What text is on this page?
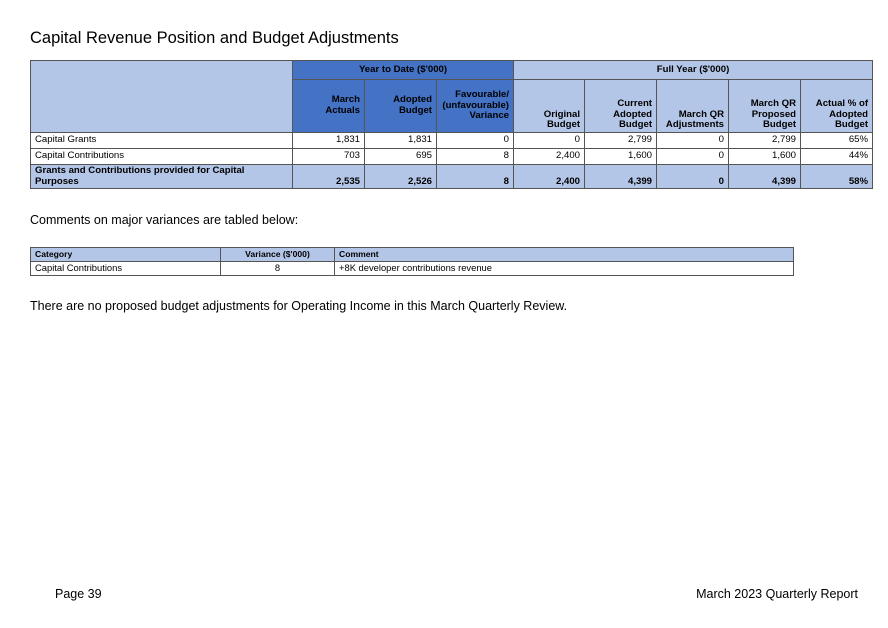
Capital Revenue Position and Budget Adjustments
	Year to Date ($'000)			Full Year ($'000)				
	March Actuals	Adopted Budget	Favourable/ (unfavourable) Variance	Original Budget	Current Adopted Budget	March QR Adjustments	March QR Proposed Budget	Actual % of Adopted Budget
Capital Grants	1,831	1,831	0	0	2,799	0	2,799	65%
Capital Contributions	703	695	8	2,400	1,600	0	1,600	44%
Grants and Contributions provided for Capital Purposes	2,535	2,526	8	2,400	4,399	0	4,399	58%
Comments on major variances are tabled below:
Category	Variance ($'000)	Comment
Capital Contributions	8	+8K developer contributions revenue
There are no proposed budget adjustments for Operating Income in this March Quarterly Review.
Page 39	March 2023 Quarterly Report
